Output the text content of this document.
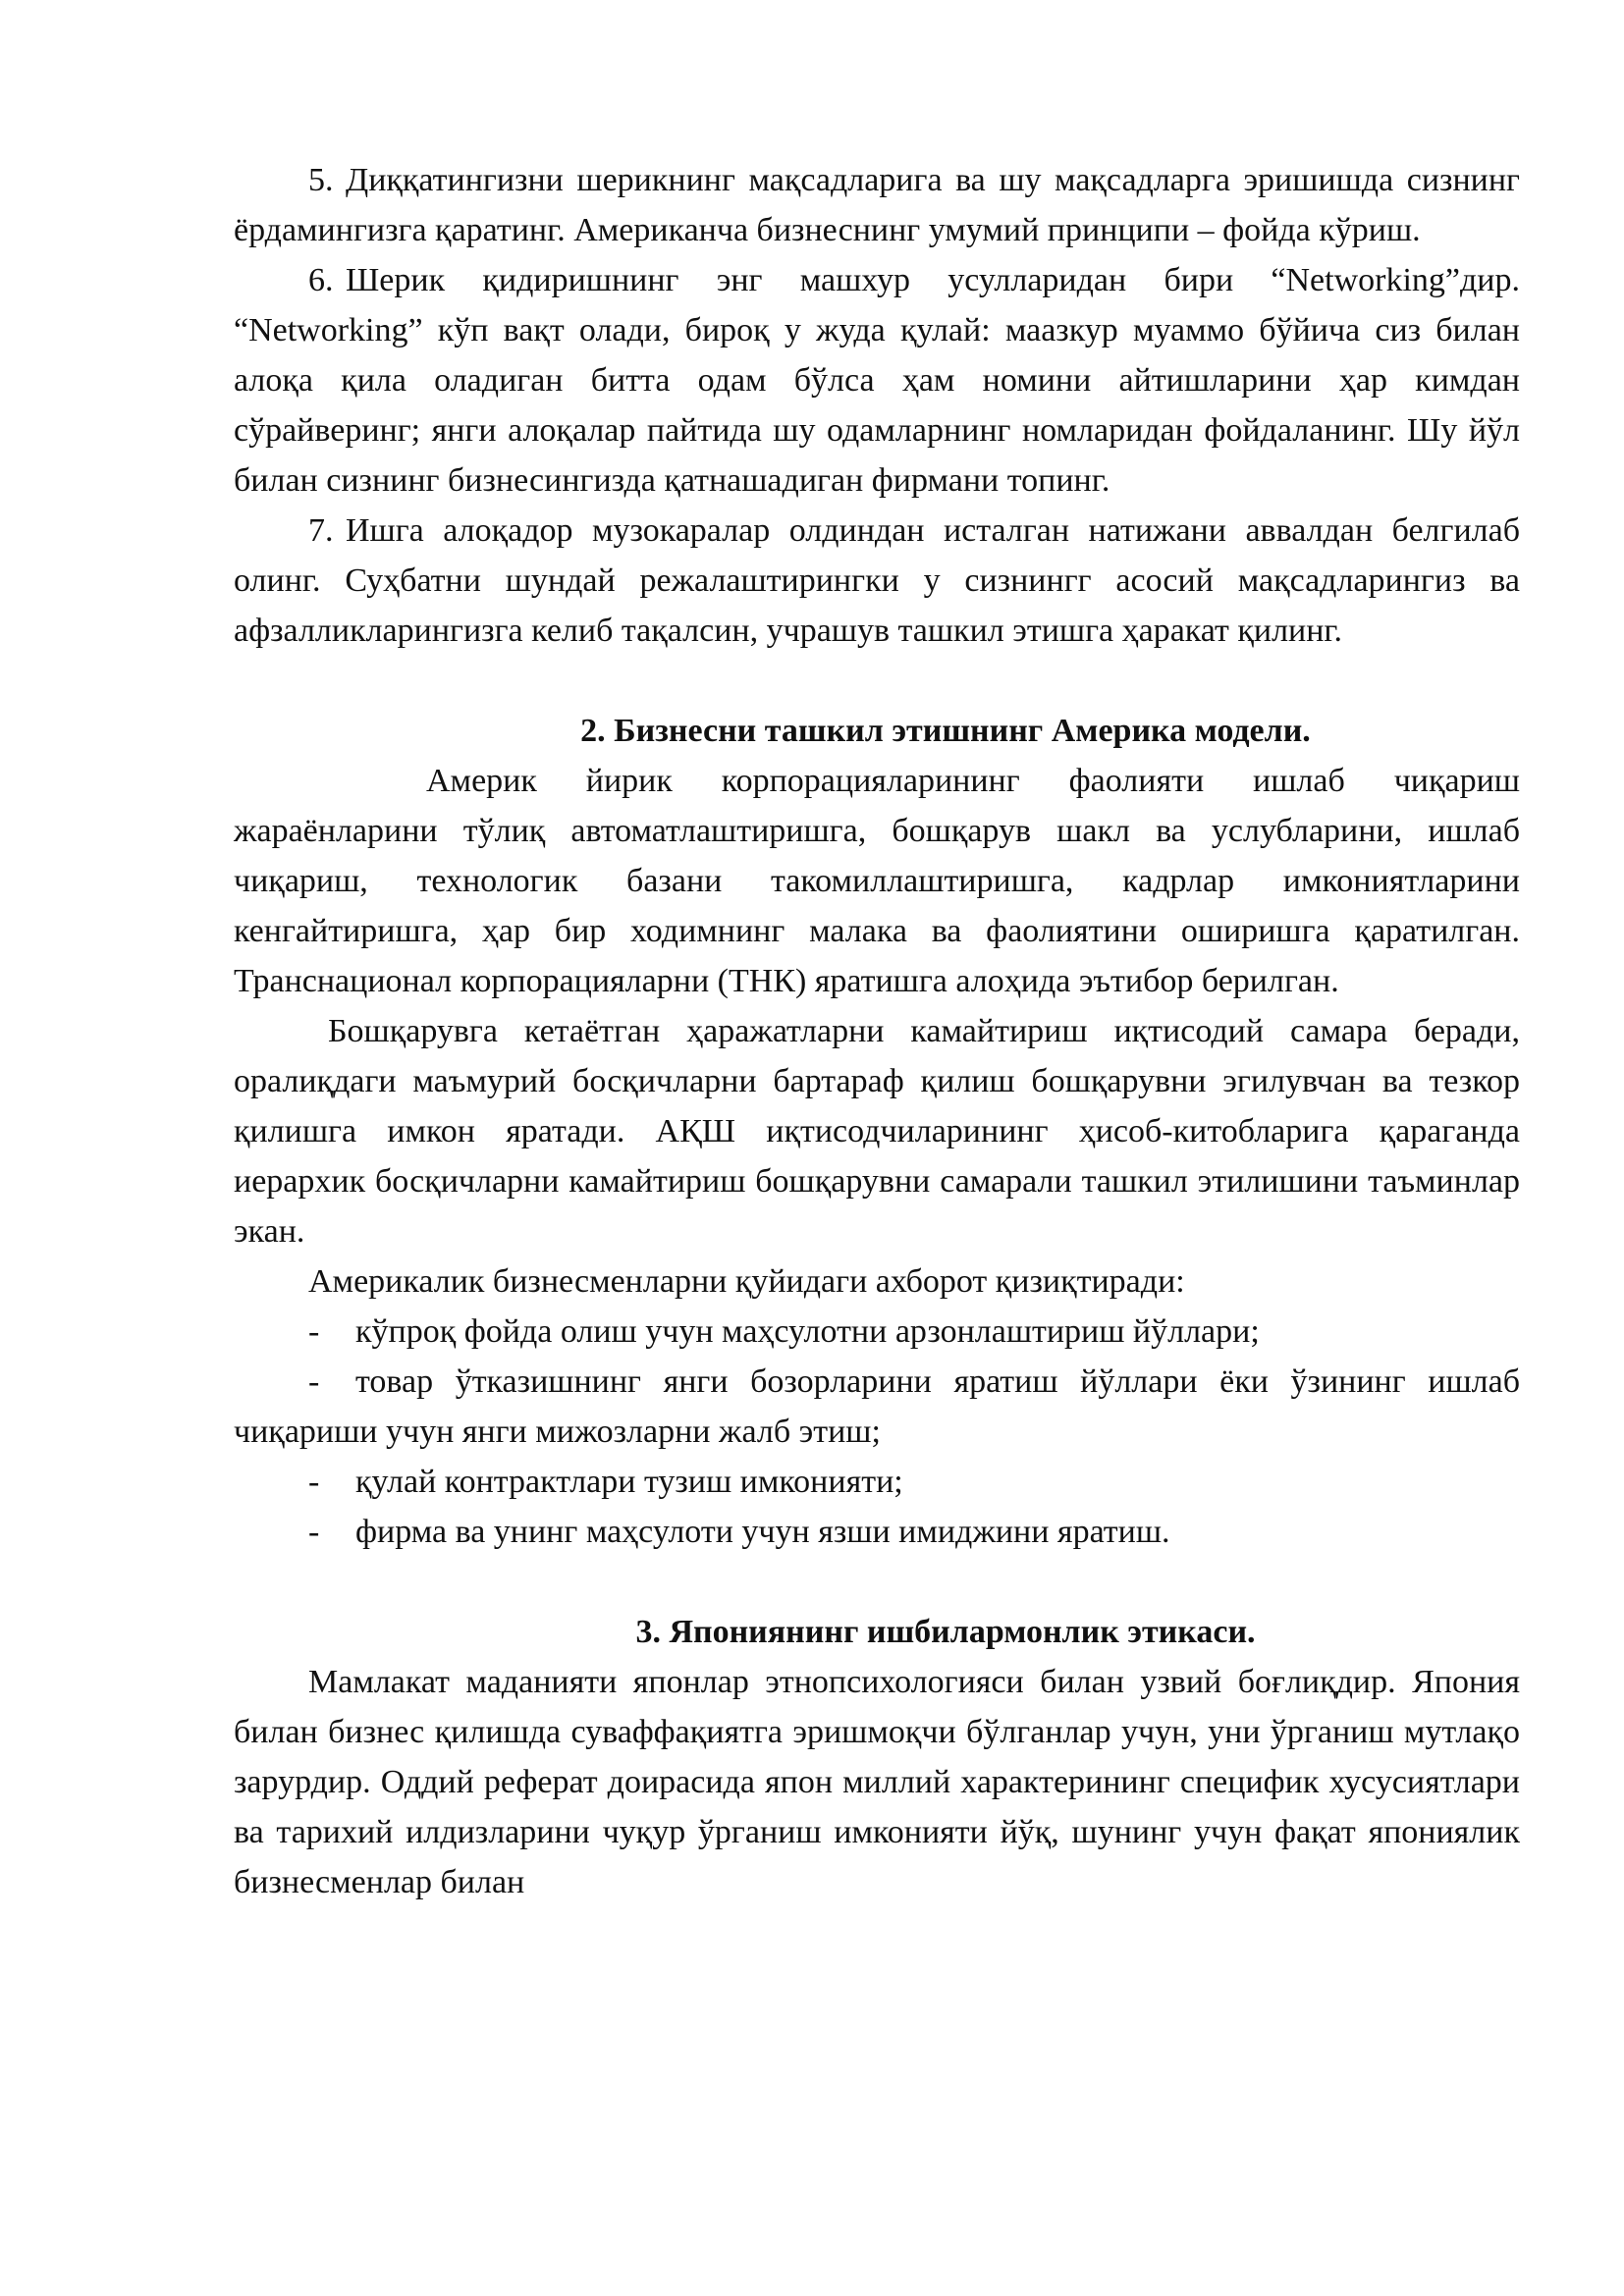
5. Диққатингизни шерикнинг мақсадларига ва шу мақсадларга эришишда сизнинг ёрдамингизга қаратинг. Американча бизнеснинг умумий принципи – фойда кўриш.

6. Шерик қидиришнинг энг машхур усулларидан бири “Networking”дир. “Networking” кўп вақт олади, бироқ у жуда қулай: маазкур муаммо бўйича сиз билан алоқа қила оладиган битта одам бўлса ҳам номини айтишларини ҳар кимдан сўрайверинг; янги алоқалар пайтида шу одамларнинг номларидан фойдаланинг. Шу йўл билан сизнинг бизнесингизда қатнашадиган фирмани топинг.

7. Ишга алоқадор музокаралар олдиндан исталган натижани аввалдан белгилаб олинг. Суҳбатни шундай режалаштирингки у сизнингг асосий мақсадларингиз ва афзалликларингизга келиб тақалсин, учрашув ташкил этишга ҳаракат қилинг.

2. Бизнесни ташкил этишнинг Америка модели.

Америк йирик корпорацияларининг фаолияти ишлаб чиқариш жараёнларини тўлиқ автоматлаштиришга, бошқарув шакл ва услубларини, ишлаб чиқариш, технологик базани такомиллаштиришга, кадрлар имкониятларини кенгайтиришга, ҳар бир ходимнинг малака ва фаолиятини оширишга қаратилган. Транснационал корпорацияларни (ТНК) яратишга алоҳида эътибор берилган.

Бошқарувга кетаётган ҳаражатларни камайтириш иқтисодий самара беради, оралиқдаги маъмурий босқичларни бартараф қилиш бошқарувни эгилувчан ва тезкор қилишга имкон яратади. АҚШ иқтисодчиларининг ҳисоб-китобларига қараганда иерархик босқичларни камайтириш бошқарувни самарали ташкил этилишини таъминлар экан.

Америкалик бизнесменларни қуйидаги ахборот қизиқтиради:

- кўпроқ фойда олиш учун маҳсулотни арзонлаштириш йўллари;

- товар ўтказишнинг янги бозорларини яратиш йўллари ёки ўзининг ишлаб чиқариши учун янги мижозларни жалб этиш;

- қулай контрактлари тузиш имконияти;

- фирма ва унинг маҳсулоти учун язши имиджини яратиш.

3. Япониянинг ишбилармонлик этикаси.

Мамлакат маданияти японлар этнопсихологияси билан узвий боғлиқдир. Япония билан бизнес қилишда суваффақиятга эришмоқчи бўлганлар учун, уни ўрганиш мутлақо зарурдир. Оддий реферат доирасида япон миллий характерининг специфик хусусиятлари ва тарихий илдизларини чуқур ўрганиш имконияти йўқ, шунинг учун фақат япониялик бизнесменлар билан
